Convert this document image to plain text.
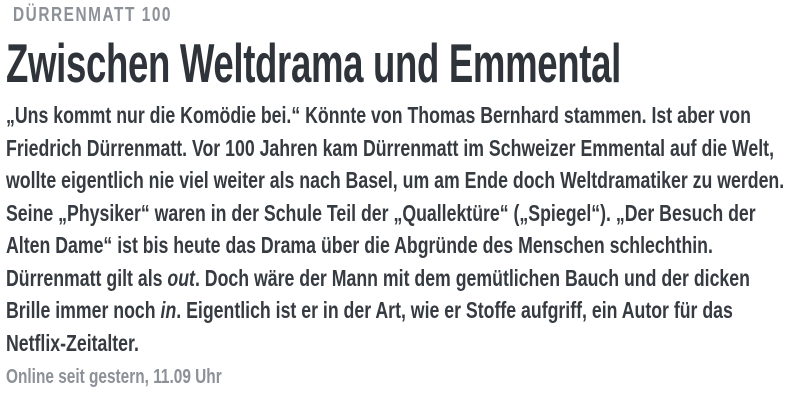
DÜRRENMATT 100
Zwischen Weltdrama und Emmental

„Uns kommt nur die Komödie bei.“ Könnte von Thomas Bernhard stammen. Ist aber von Friedrich Dürrenmatt. Vor 100 Jahren kam Dürrenmatt im Schweizer Emmental auf die Welt, wollte eigentlich nie viel weiter als nach Basel, um am Ende doch Weltdramatiker zu werden. Seine „Physiker“ waren in der Schule Teil der „Quallektüre“ („Spiegel“). „Der Besuch der Alten Dame“ ist bis heute das Drama über die Abgründe des Menschen schlechthin. Dürrenmatt gilt als out. Doch wäre der Mann mit dem gemütlichen Bauch und der dicken Brille immer noch in. Eigentlich ist er in der Art, wie er Stoffe aufgriff, ein Autor für das Netflix-Zeitalter.

Online seit gestern, 11.09 Uhr
